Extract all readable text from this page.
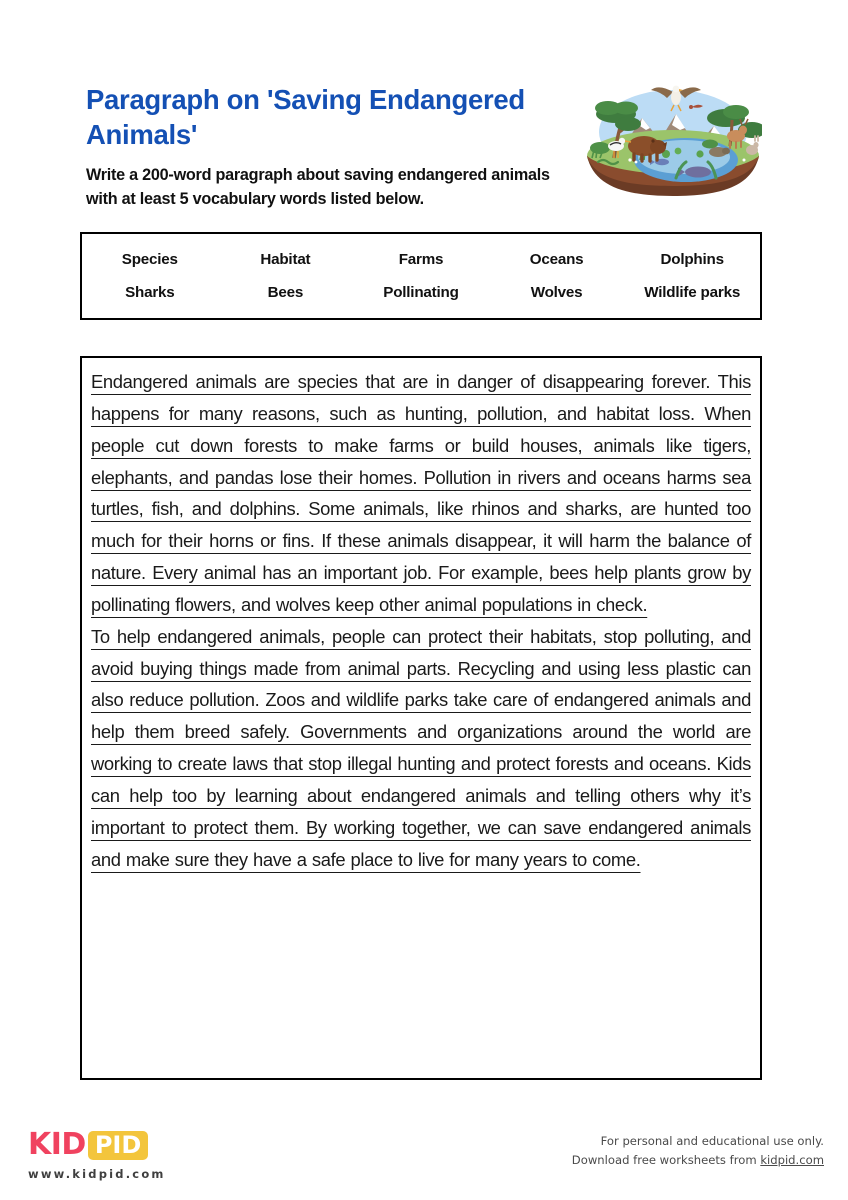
Paragraph on 'Saving Endangered Animals'

Write a 200-word paragraph about saving endangered animals with at least 5 vocabulary words listed below.

Species	Habitat	Farms	Oceans	Dolphins
Sharks	Bees	Pollinating	Wolves	Wildlife parks

Endangered animals are species that are in danger of disappearing forever. This happens for many reasons, such as hunting, pollution, and habitat loss. When people cut down forests to make farms or build houses, animals like tigers, elephants, and pandas lose their homes. Pollution in rivers and oceans harms sea turtles, fish, and dolphins. Some animals, like rhinos and sharks, are hunted too much for their horns or fins. If these animals disappear, it will harm the balance of nature. Every animal has an important job. For example, bees help plants grow by pollinating flowers, and wolves keep other animal populations in check.

To help endangered animals, people can protect their habitats, stop polluting, and avoid buying things made from animal parts. Recycling and using less plastic can also reduce pollution. Zoos and wildlife parks take care of endangered animals and help them breed safely. Governments and organizations around the world are working to create laws that stop illegal hunting and protect forests and oceans. Kids can help too by learning about endangered animals and telling others why it’s important to protect them. By working together, we can save endangered animals and make sure they have a safe place to live for many years to come.

KID PID
www.kidpid.com
For personal and educational use only.
Download free worksheets from kidpid.com
